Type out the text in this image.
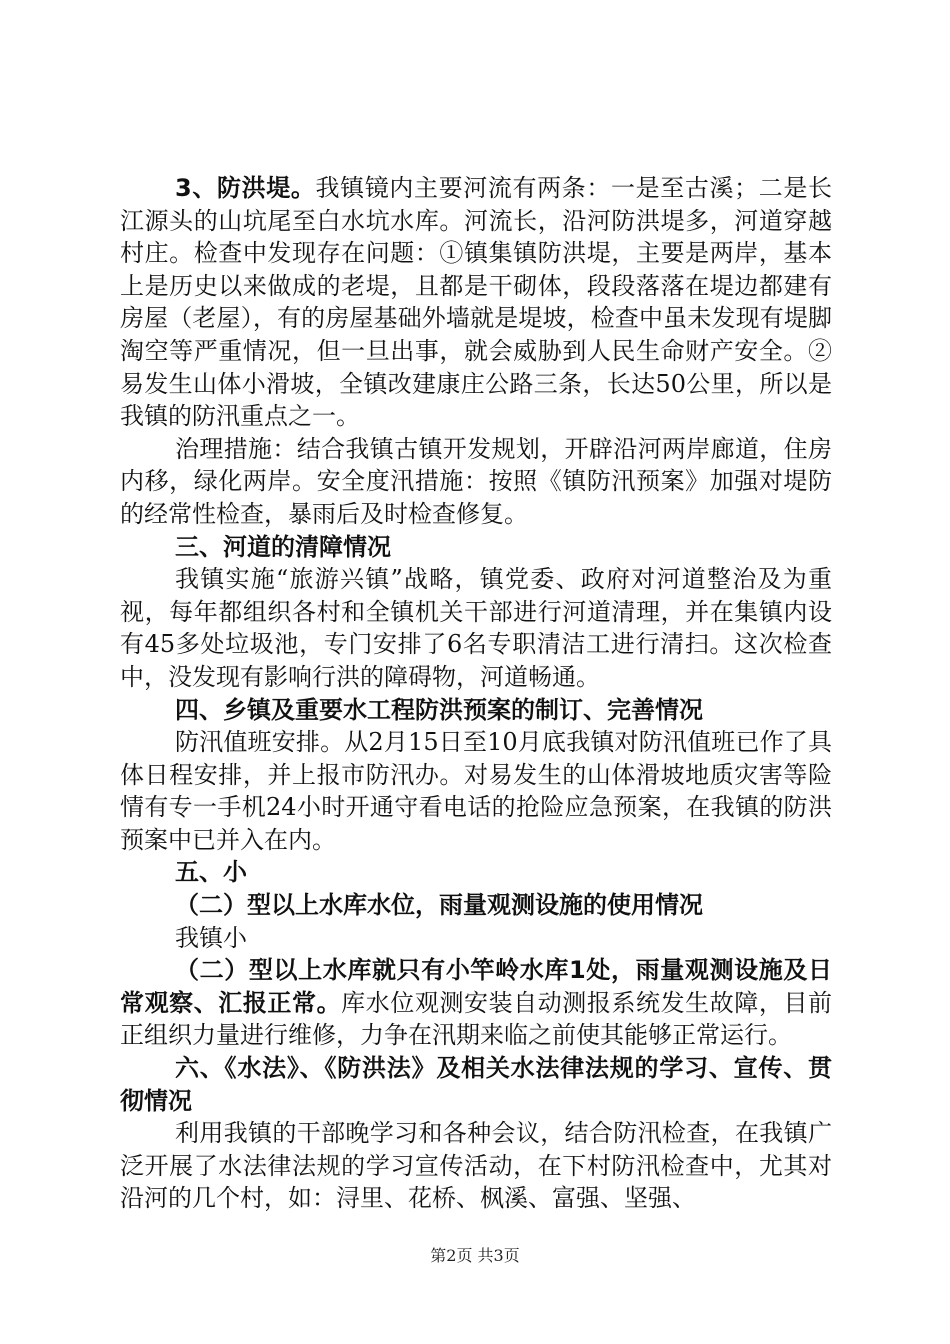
3、防洪堤。我镇镜内主要河流有两条：一是至古溪；二是长江源头的山坑尾至白水坑水库。河流长，沿河防洪堤多，河道穿越村庄。检查中发现存在问题：①镇集镇防洪堤，主要是两岸，基本上是历史以来做成的老堤，且都是干砌体，段段落落在堤边都建有房屋（老屋），有的房屋基础外墙就是堤坡，检查中虽未发现有堤脚淘空等严重情况，但一旦出事，就会威胁到人民生命财产安全。②易发生山体小滑坡，全镇改建康庄公路三条，长达50公里，所以是我镇的防汛重点之一。

治理措施：结合我镇古镇开发规划，开辟沿河两岸廊道，住房内移，绿化两岸。安全度汛措施：按照《镇防汛预案》加强对堤防的经常性检查，暴雨后及时检查修复。

三、河道的清障情况

我镇实施“旅游兴镇”战略，镇党委、政府对河道整治及为重视，每年都组织各村和全镇机关干部进行河道清理，并在集镇内设有45多处垃圾池，专门安排了6名专职清洁工进行清扫。这次检查中，没发现有影响行洪的障碍物，河道畅通。

四、乡镇及重要水工程防洪预案的制订、完善情况

防汛值班安排。从2月15日至10月底我镇对防汛值班已作了具体日程安排，并上报市防汛办。对易发生的山体滑坡地质灾害等险情有专一手机24小时开通守看电话的抢险应急预案，在我镇的防洪预案中已并入在内。

五、小

（二）型以上水库水位，雨量观测设施的使用情况

我镇小

（二）型以上水库就只有小竿岭水库1处，雨量观测设施及日常观察、汇报正常。库水位观测安装自动测报系统发生故障，目前正组织力量进行维修，力争在汛期来临之前使其能够正常运行。

六、《水法》、《防洪法》及相关水法律法规的学习、宣传、贯彻情况

利用我镇的干部晚学习和各种会议，结合防汛检查，在我镇广泛开展了水法律法规的学习宣传活动，在下村防汛检查中，尤其对沿河的几个村，如：浔里、花桥、枫溪、富强、坚强、

第2页 共3页
